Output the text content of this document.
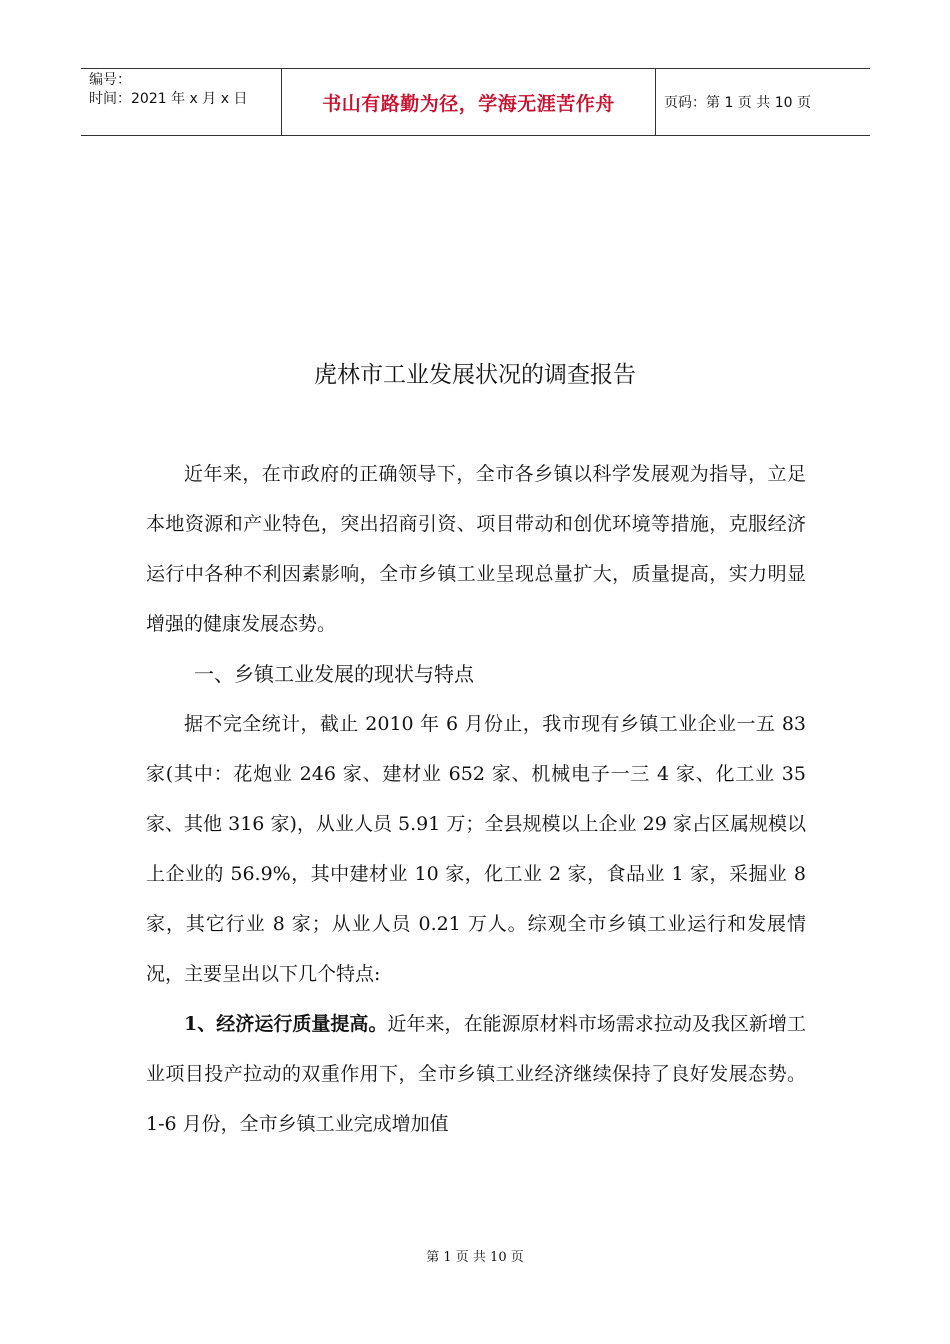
编号：
时间：2021 年 x 月 x 日	书山有路勤为径，学海无涯苦作舟	页码：第 1 页 共 10 页
虎林市工业发展状况的调查报告

近年来，在市政府的正确领导下，全市各乡镇以科学发展观为指导，立足本地资源和产业特色，突出招商引资、项目带动和创优环境等措施，克服经济运行中各种不利因素影响，全市乡镇工业呈现总量扩大，质量提高，实力明显增强的健康发展态势。

一、乡镇工业发展的现状与特点

据不完全统计，截止 2010 年 6 月份止，我市现有乡镇工业企业一五 83 家(其中：花炮业 246 家、建材业 652 家、机械电子一三 4 家、化工业 35 家、其他 316 家)，从业人员 5.91 万；全县规模以上企业 29 家占区属规模以上企业的 56.9%，其中建材业 10 家，化工业 2 家，食品业 1 家，采掘业 8 家，其它行业 8 家；从业人员 0.21 万人。综观全市乡镇工业运行和发展情况，主要呈出以下几个特点:

1、经济运行质量提高。近年来，在能源原材料市场需求拉动及我区新增工业项目投产拉动的双重作用下，全市乡镇工业经济继续保持了良好发展态势。1-6 月份，全市乡镇工业完成增加值

第 1 页 共 10 页
